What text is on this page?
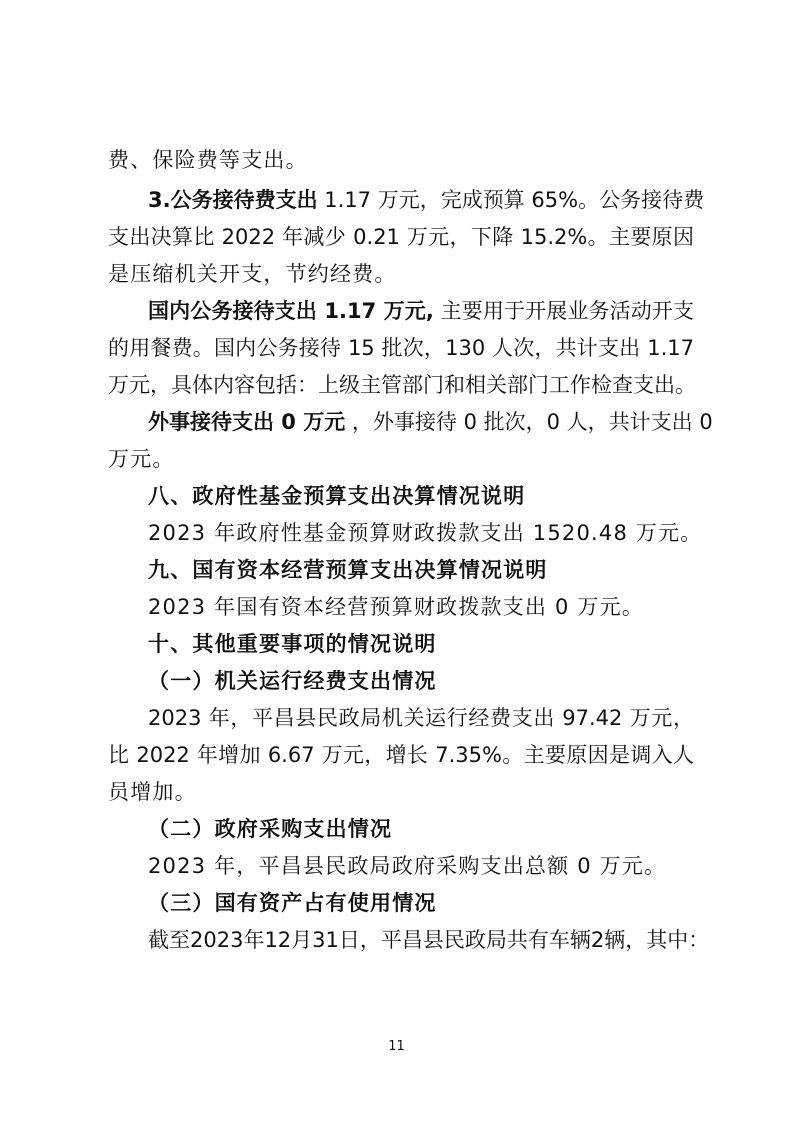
费、保险费等支出。
3.公务接待费支出 1.17 万元，完成预算 65%。公务接待费
支出决算比 2022 年减少 0.21 万元，下降 15.2%。主要原因
是压缩机关开支，节约经费。
国内公务接待支出 1.17 万元, 主要用于开展业务活动开支
的用餐费。国内公务接待 15 批次，130 人次，共计支出 1.17
万元，具体内容包括：上级主管部门和相关部门工作检查支出。
外事接待支出 0 万元 ，外事接待 0 批次，0 人，共计支出 0
万元。
八、政府性基金预算支出决算情况说明
2023 年政府性基金预算财政拨款支出 1520.48 万元。
九、国有资本经营预算支出决算情况说明
2023 年国有资本经营预算财政拨款支出 0 万元。
十、其他重要事项的情况说明
（一）机关运行经费支出情况
2023 年，平昌县民政局机关运行经费支出 97.42 万元，
比 2022 年增加 6.67 万元，增长 7.35%。主要原因是调入人
员增加。
（二）政府采购支出情况
2023 年，平昌县民政局政府采购支出总额 0 万元。
（三）国有资产占有使用情况
截至2023年12月31日，平昌县民政局共有车辆2辆，其中：
11
